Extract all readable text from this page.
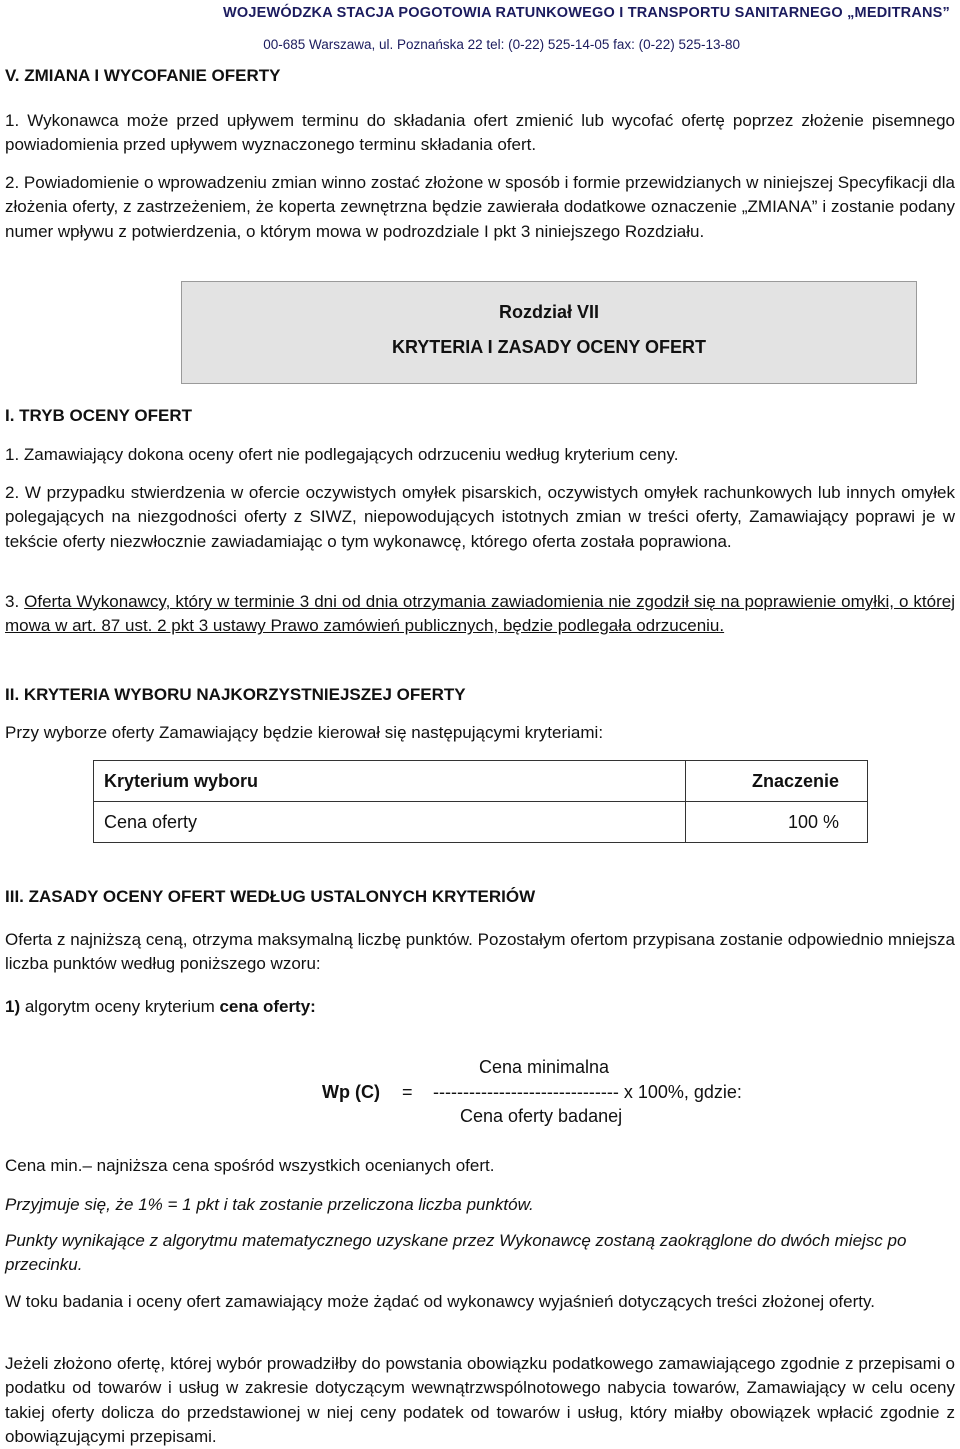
WOJEWÓDZKA STACJA POGOTOWIA RATUNKOWEGO I TRANSPORTU SANITARNEGO „MEDITRANS”
00-685 Warszawa, ul. Poznańska 22 tel: (0-22) 525-14-05 fax: (0-22) 525-13-80

V. ZMIANA I WYCOFANIE OFERTY

1. Wykonawca może przed upływem terminu do składania ofert zmienić lub wycofać ofertę poprzez złożenie pisemnego powiadomienia przed upływem wyznaczonego terminu składania ofert.

2. Powiadomienie o wprowadzeniu zmian winno zostać złożone w sposób i formie przewidzianych w niniejszej Specyfikacji dla złożenia oferty, z zastrzeżeniem, że koperta zewnętrzna będzie zawierała dodatkowe oznaczenie „ZMIANA” i zostanie podany numer wpływu z potwierdzenia, o którym mowa w podrozdziale I pkt 3 niniejszego Rozdziału.

Rozdział VII
KRYTERIA I ZASADY OCENY OFERT

I. TRYB OCENY OFERT

1. Zamawiający dokona oceny ofert nie podlegających odrzuceniu według kryterium ceny.

2. W przypadku stwierdzenia w ofercie oczywistych omyłek pisarskich, oczywistych omyłek rachunkowych lub innych omyłek polegających na niezgodności oferty z SIWZ, niepowodujących istotnych zmian w treści oferty, Zamawiający poprawi je w tekście oferty niezwłocznie zawiadamiając o tym wykonawcę, którego oferta została poprawiona.

3. Oferta Wykonawcy, który w terminie 3 dni od dnia otrzymania zawiadomienia nie zgodził się na poprawienie omyłki, o której mowa w art. 87 ust. 2 pkt 3 ustawy Prawo zamówień publicznych, będzie podlegała odrzuceniu.

II. KRYTERIA WYBORU NAJKORZYSTNIEJSZEJ OFERTY

Przy wyborze oferty Zamawiający będzie kierował się następującymi kryteriami:

Kryterium wyboru	Znaczenie
Cena oferty	100 %

III. ZASADY OCENY OFERT WEDŁUG USTALONYCH KRYTERIÓW

Oferta z najniższą ceną, otrzyma maksymalną liczbę punktów. Pozostałym ofertom przypisana zostanie odpowiednio mniejsza liczba punktów według poniższego wzoru:

1) algorytm oceny kryterium cena oferty:

Cena minimalna
Wp (C) = ------------------------------- x 100%, gdzie:
Cena oferty badanej

Cena min.– najniższa cena spośród wszystkich ocenianych ofert.

Przyjmuje się, że 1% = 1 pkt i tak zostanie przeliczona liczba punktów.

Punkty wynikające z algorytmu matematycznego uzyskane przez Wykonawcę zostaną zaokrąglone do dwóch miejsc po przecinku.

W toku badania i oceny ofert zamawiający może żądać od wykonawcy wyjaśnień dotyczących treści złożonej oferty.

Jeżeli złożono ofertę, której wybór prowadziłby do powstania obowiązku podatkowego zamawiającego zgodnie z przepisami o podatku od towarów i usług w zakresie dotyczącym wewnątrzwspólnotowego nabycia towarów, Zamawiający w celu oceny takiej oferty dolicza do przedstawionej w niej ceny podatek od towarów i usług, który miałby obowiązek wpłacić zgodnie z obowiązującymi przepisami.
